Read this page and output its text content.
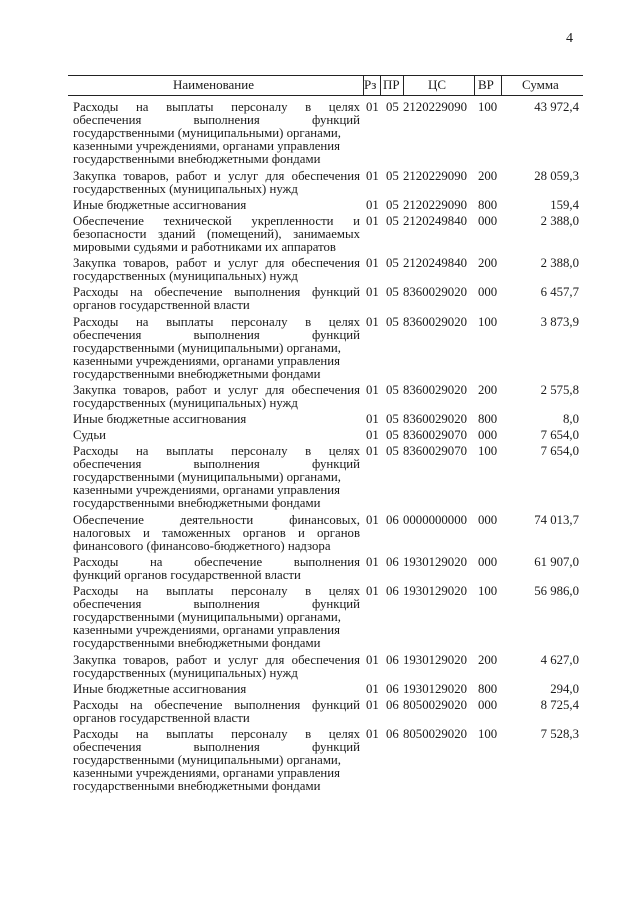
4
Наименование	Рз ПР ЦС ВР Сумма
Расходы на выплаты персоналу в целях
обеспечения выполнения функций
государственными (муниципальными) органами,
казенными учреждениями, органами управления
государственными внебюджетными фондами
01 05 2120229090 100	43 972,4
Закупка товаров, работ и услуг для обеспечения
государственных (муниципальных) нужд
01 05 2120229090 200	28 059,3
Иные бюджетные ассигнования	01 05 2120229090 800	159,4
Обеспечение технической укрепленности и
безопасности зданий (помещений), занимаемых
мировыми судьями и работниками их аппаратов
01 05 2120249840 000	2 388,0
Закупка товаров, работ и услуг для обеспечения
государственных (муниципальных) нужд
01 05 2120249840 200	2 388,0
Расходы на обеспечение выполнения функций
органов государственной власти
01 05 8360029020 000	6 457,7
Расходы на выплаты персоналу в целях
обеспечения выполнения функций
государственными (муниципальными) органами,
казенными учреждениями, органами управления
государственными внебюджетными фондами
01 05 8360029020 100	3 873,9
Закупка товаров, работ и услуг для обеспечения
государственных (муниципальных) нужд
01 05 8360029020 200	2 575,8
Иные бюджетные ассигнования	01 05 8360029020 800	8,0
Судьи	01 05 8360029070 000	7 654,0
Расходы на выплаты персоналу в целях
обеспечения выполнения функций
государственными (муниципальными) органами,
казенными учреждениями, органами управления
государственными внебюджетными фондами
01 05 8360029070 100	7 654,0
Обеспечение деятельности финансовых,
налоговых и таможенных органов и органов
финансового (финансово-бюджетного) надзора
01 06 0000000000 000	74 013,7
Расходы на обеспечение выполнения
функций органов государственной власти
01 06 1930129020 000	61 907,0
Расходы на выплаты персоналу в целях
обеспечения выполнения функций
государственными (муниципальными) органами,
казенными учреждениями, органами управления
государственными внебюджетными фондами
01 06 1930129020 100	56 986,0
Закупка товаров, работ и услуг для обеспечения
государственных (муниципальных) нужд
01 06 1930129020 200	4 627,0
Иные бюджетные ассигнования	01 06 1930129020 800	294,0
Расходы на обеспечение выполнения функций
органов государственной власти
01 06 8050029020 000	8 725,4
Расходы на выплаты персоналу в целях
обеспечения выполнения функций
государственными (муниципальными) органами,
казенными учреждениями, органами управления
государственными внебюджетными фондами
01 06 8050029020 100	7 528,3
